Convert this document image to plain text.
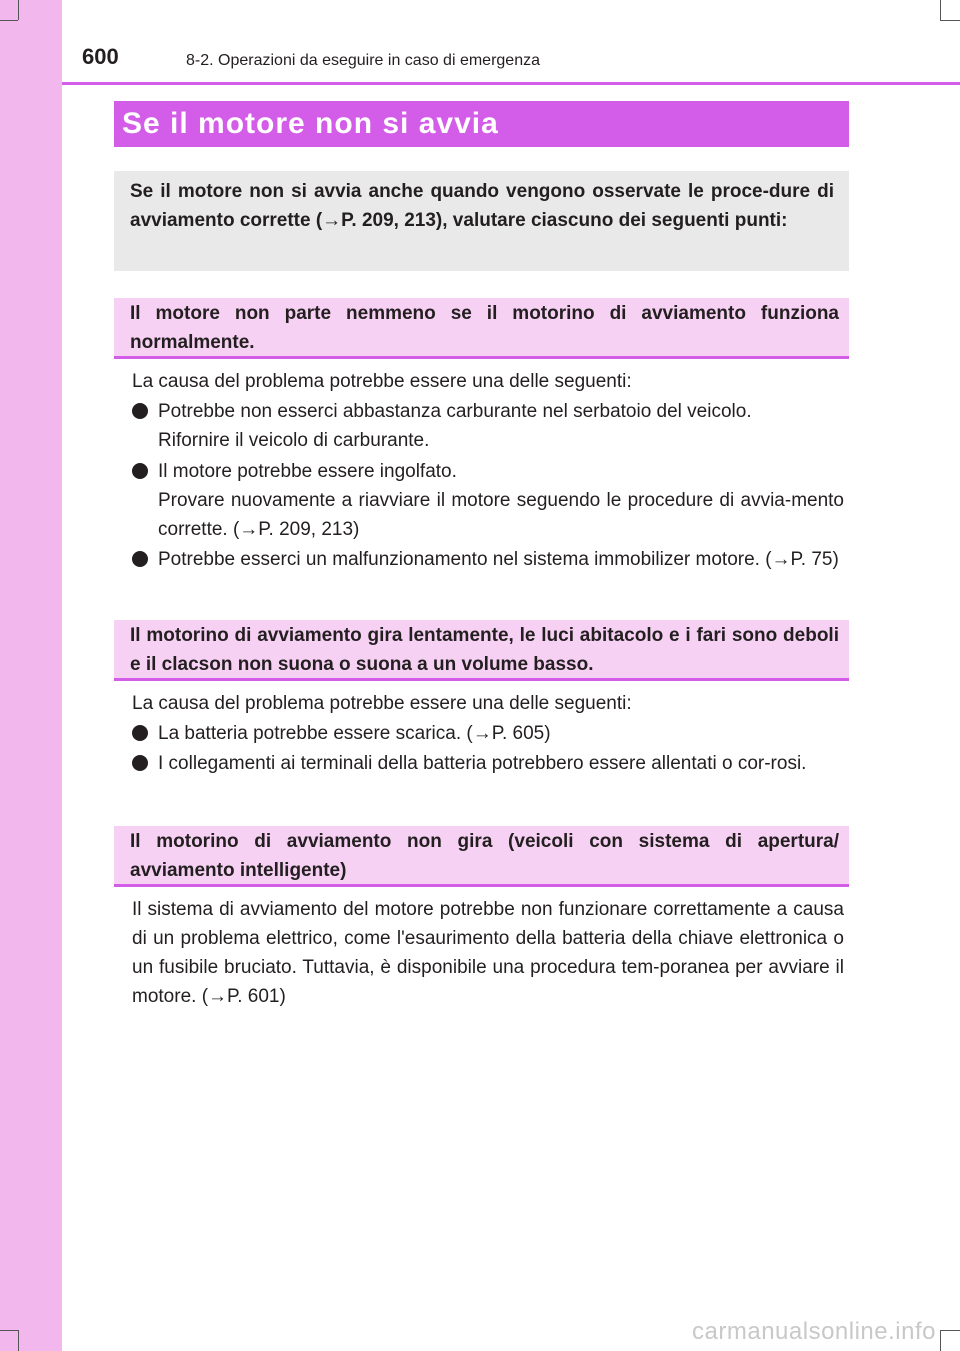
600	8-2. Operazioni da eseguire in caso di emergenza
Se il motore non si avvia
Se il motore non si avvia anche quando vengono osservate le proce-dure di avviamento corrette (→P. 209, 213), valutare ciascuno dei seguenti punti:
Il motore non parte nemmeno se il motorino di avviamento funziona normalmente.
La causa del problema potrebbe essere una delle seguenti:
Potrebbe non esserci abbastanza carburante nel serbatoio del veicolo.
Rifornire il veicolo di carburante.
Il motore potrebbe essere ingolfato.
Provare nuovamente a riavviare il motore seguendo le procedure di avvia-mento corrette. (→P. 209, 213)
Potrebbe esserci un malfunzionamento nel sistema immobilizer motore. (→P. 75)
Il motorino di avviamento gira lentamente, le luci abitacolo e i fari sono deboli e il clacson non suona o suona a un volume basso.
La causa del problema potrebbe essere una delle seguenti:
La batteria potrebbe essere scarica. (→P. 605)
I collegamenti ai terminali della batteria potrebbero essere allentati o cor-rosi.
Il motorino di avviamento non gira (veicoli con sistema di apertura/ avviamento intelligente)
Il sistema di avviamento del motore potrebbe non funzionare correttamente a causa di un problema elettrico, come l'esaurimento della batteria della chiave elettronica o un fusibile bruciato. Tuttavia, è disponibile una procedura tem-poranea per avviare il motore. (→P. 601)
carmanualsonline.info
